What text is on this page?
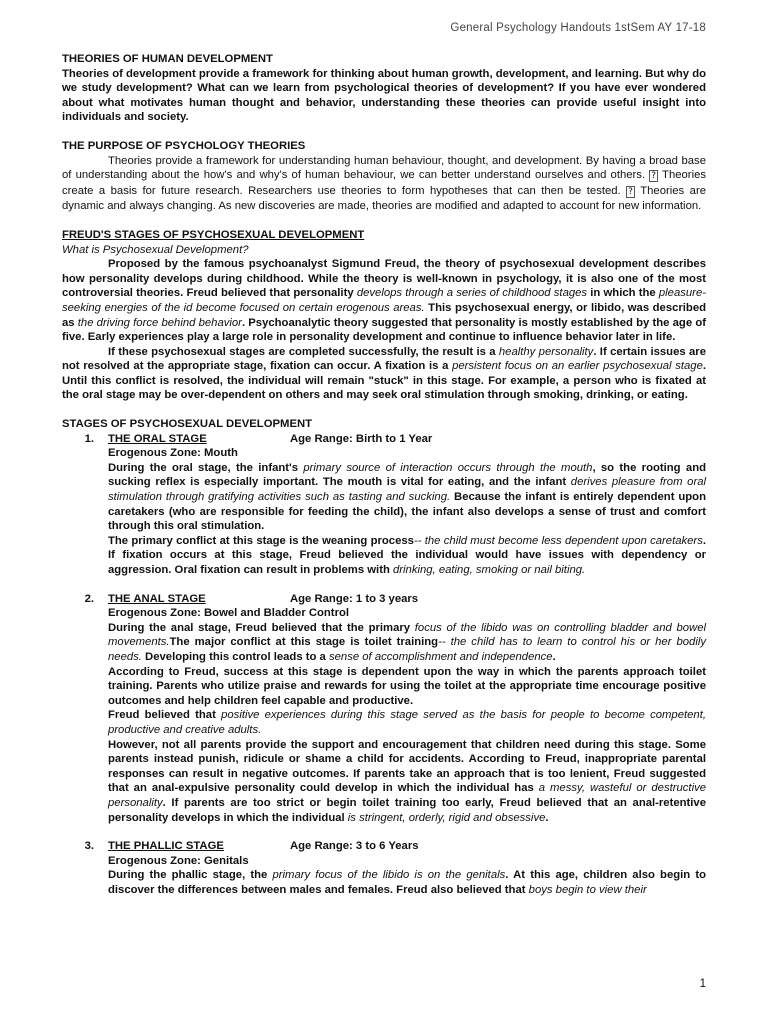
General Psychology Handouts 1stSem AY 17-18

THEORIES OF HUMAN DEVELOPMENT

Theories of development provide a framework for thinking about human growth, development, and learning. But why do we study development? What can we learn from psychological theories of development? If you have ever wondered about what motivates human thought and behavior, understanding these theories can provide useful insight into individuals and society.

THE PURPOSE OF PSYCHOLOGY THEORIES

Theories provide a framework for understanding human behaviour, thought, and development. By having a broad base of understanding about the how's and why's of human behaviour, we can better understand ourselves and others. ? Theories create a basis for future research. Researchers use theories to form hypotheses that can then be tested. ? Theories are dynamic and always changing. As new discoveries are made, theories are modified and adapted to account for new information.

FREUD'S STAGES OF PSYCHOSEXUAL DEVELOPMENT

What is Psychosexual Development?

Proposed by the famous psychoanalyst Sigmund Freud, the theory of psychosexual development describes how personality develops during childhood. While the theory is well-known in psychology, it is also one of the most controversial theories. Freud believed that personality develops through a series of childhood stages in which the pleasure-seeking energies of the id become focused on certain erogenous areas. This psychosexual energy, or libido, was described as the driving force behind behavior. Psychoanalytic theory suggested that personality is mostly established by the age of five. Early experiences play a large role in personality development and continue to influence behavior later in life.

If these psychosexual stages are completed successfully, the result is a healthy personality. If certain issues are not resolved at the appropriate stage, fixation can occur. A fixation is a persistent focus on an earlier psychosexual stage. Until this conflict is resolved, the individual will remain "stuck" in this stage. For example, a person who is fixated at the oral stage may be over-dependent on others and may seek oral stimulation through smoking, drinking, or eating.

STAGES OF PSYCHOSEXUAL DEVELOPMENT

1.	THE ORAL STAGE	Age Range: Birth to 1 Year

Erogenous Zone: Mouth

During the oral stage, the infant's primary source of interaction occurs through the mouth, so the rooting and sucking reflex is especially important. The mouth is vital for eating, and the infant derives pleasure from oral stimulation through gratifying activities such as tasting and sucking. Because the infant is entirely dependent upon caretakers (who are responsible for feeding the child), the infant also develops a sense of trust and comfort through this oral stimulation.

The primary conflict at this stage is the weaning process-- the child must become less dependent upon caretakers. If fixation occurs at this stage, Freud believed the individual would have issues with dependency or aggression. Oral fixation can result in problems with drinking, eating, smoking or nail biting.

2.	THE ANAL STAGE	Age Range: 1 to 3 years

Erogenous Zone: Bowel and Bladder Control

During the anal stage, Freud believed that the primary focus of the libido was on controlling bladder and bowel movements.The major conflict at this stage is toilet training-- the child has to learn to control his or her bodily needs. Developing this control leads to a sense of accomplishment and independence.

According to Freud, success at this stage is dependent upon the way in which the parents approach toilet training. Parents who utilize praise and rewards for using the toilet at the appropriate time encourage positive outcomes and help children feel capable and productive.

Freud believed that positive experiences during this stage served as the basis for people to become competent, productive and creative adults.

However, not all parents provide the support and encouragement that children need during this stage. Some parents instead punish, ridicule or shame a child for accidents. According to Freud, inappropriate parental responses can result in negative outcomes. If parents take an approach that is too lenient, Freud suggested that an anal-expulsive personality could develop in which the individual has a messy, wasteful or destructive personality. If parents are too strict or begin toilet training too early, Freud believed that an anal-retentive personality develops in which the individual is stringent, orderly, rigid and obsessive.

3.	THE PHALLIC STAGE	Age Range: 3 to 6 Years

Erogenous Zone: Genitals

During the phallic stage, the primary focus of the libido is on the genitals. At this age, children also begin to discover the differences between males and females. Freud also believed that boys begin to view their

1
